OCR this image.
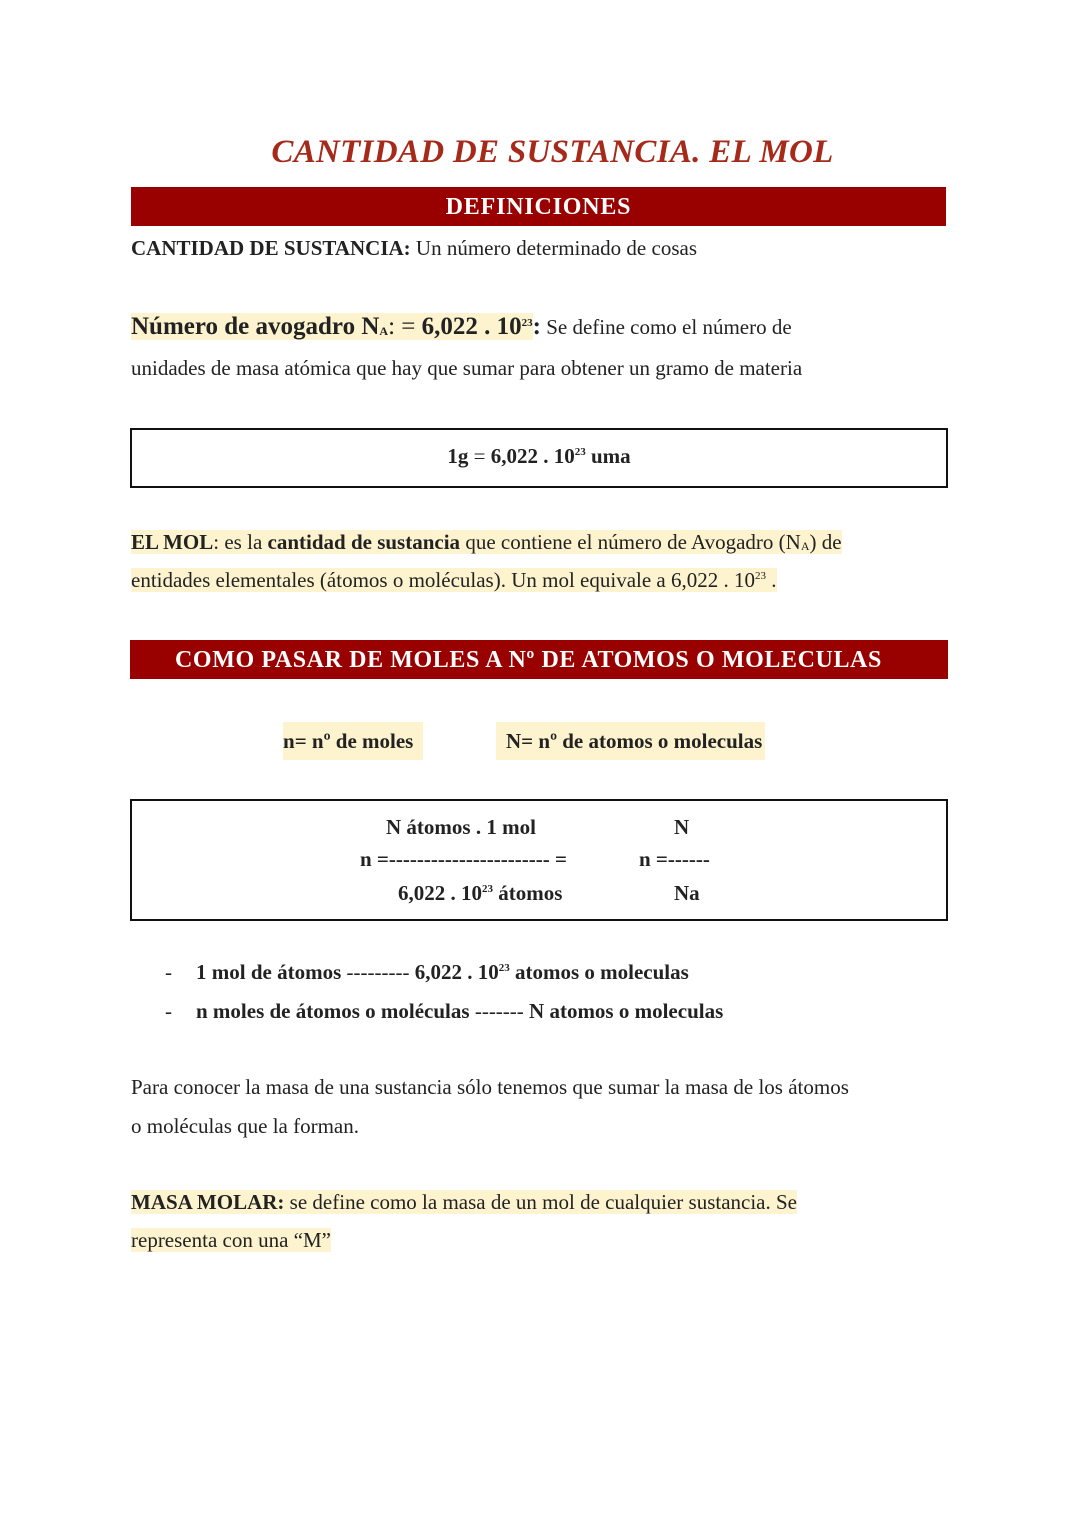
CANTIDAD DE SUSTANCIA. EL MOL
DEFINICIONES
CANTIDAD DE SUSTANCIA: Un número determinado de cosas
Número de avogadro $N_A$: = 6,022 . $10^{23}$: Se define como el número de
unidades de masa atómica que hay que sumar para obtener un gramo de materia
1g = 6,022 . $10^{23}$ uma
EL MOL: es la cantidad de sustancia que contiene el número de Avogadro $(N_A)$ de
entidades elementales (átomos o moléculas). Un mol equivale a 6,022 . $10^{23}$ .
COMO PASAR DE MOLES A Nº DE ATOMOS O MOLECULAS
n= nº de moles	N= nº de atomos o moleculas
N átomos . 1 mol
n =----------------------- =
6,022 . $10^{23}$ átomos
N
n =------
Na
- 1 mol de átomos --------- 6,022 . $10^{23}$ atomos o moleculas
- n moles de átomos o moléculas ------- N atomos o moleculas
Para conocer la masa de una sustancia sólo tenemos que sumar la masa de los átomos
o moléculas que la forman.
MASA MOLAR: se define como la masa de un mol de cualquier sustancia. Se
representa con una “M”
